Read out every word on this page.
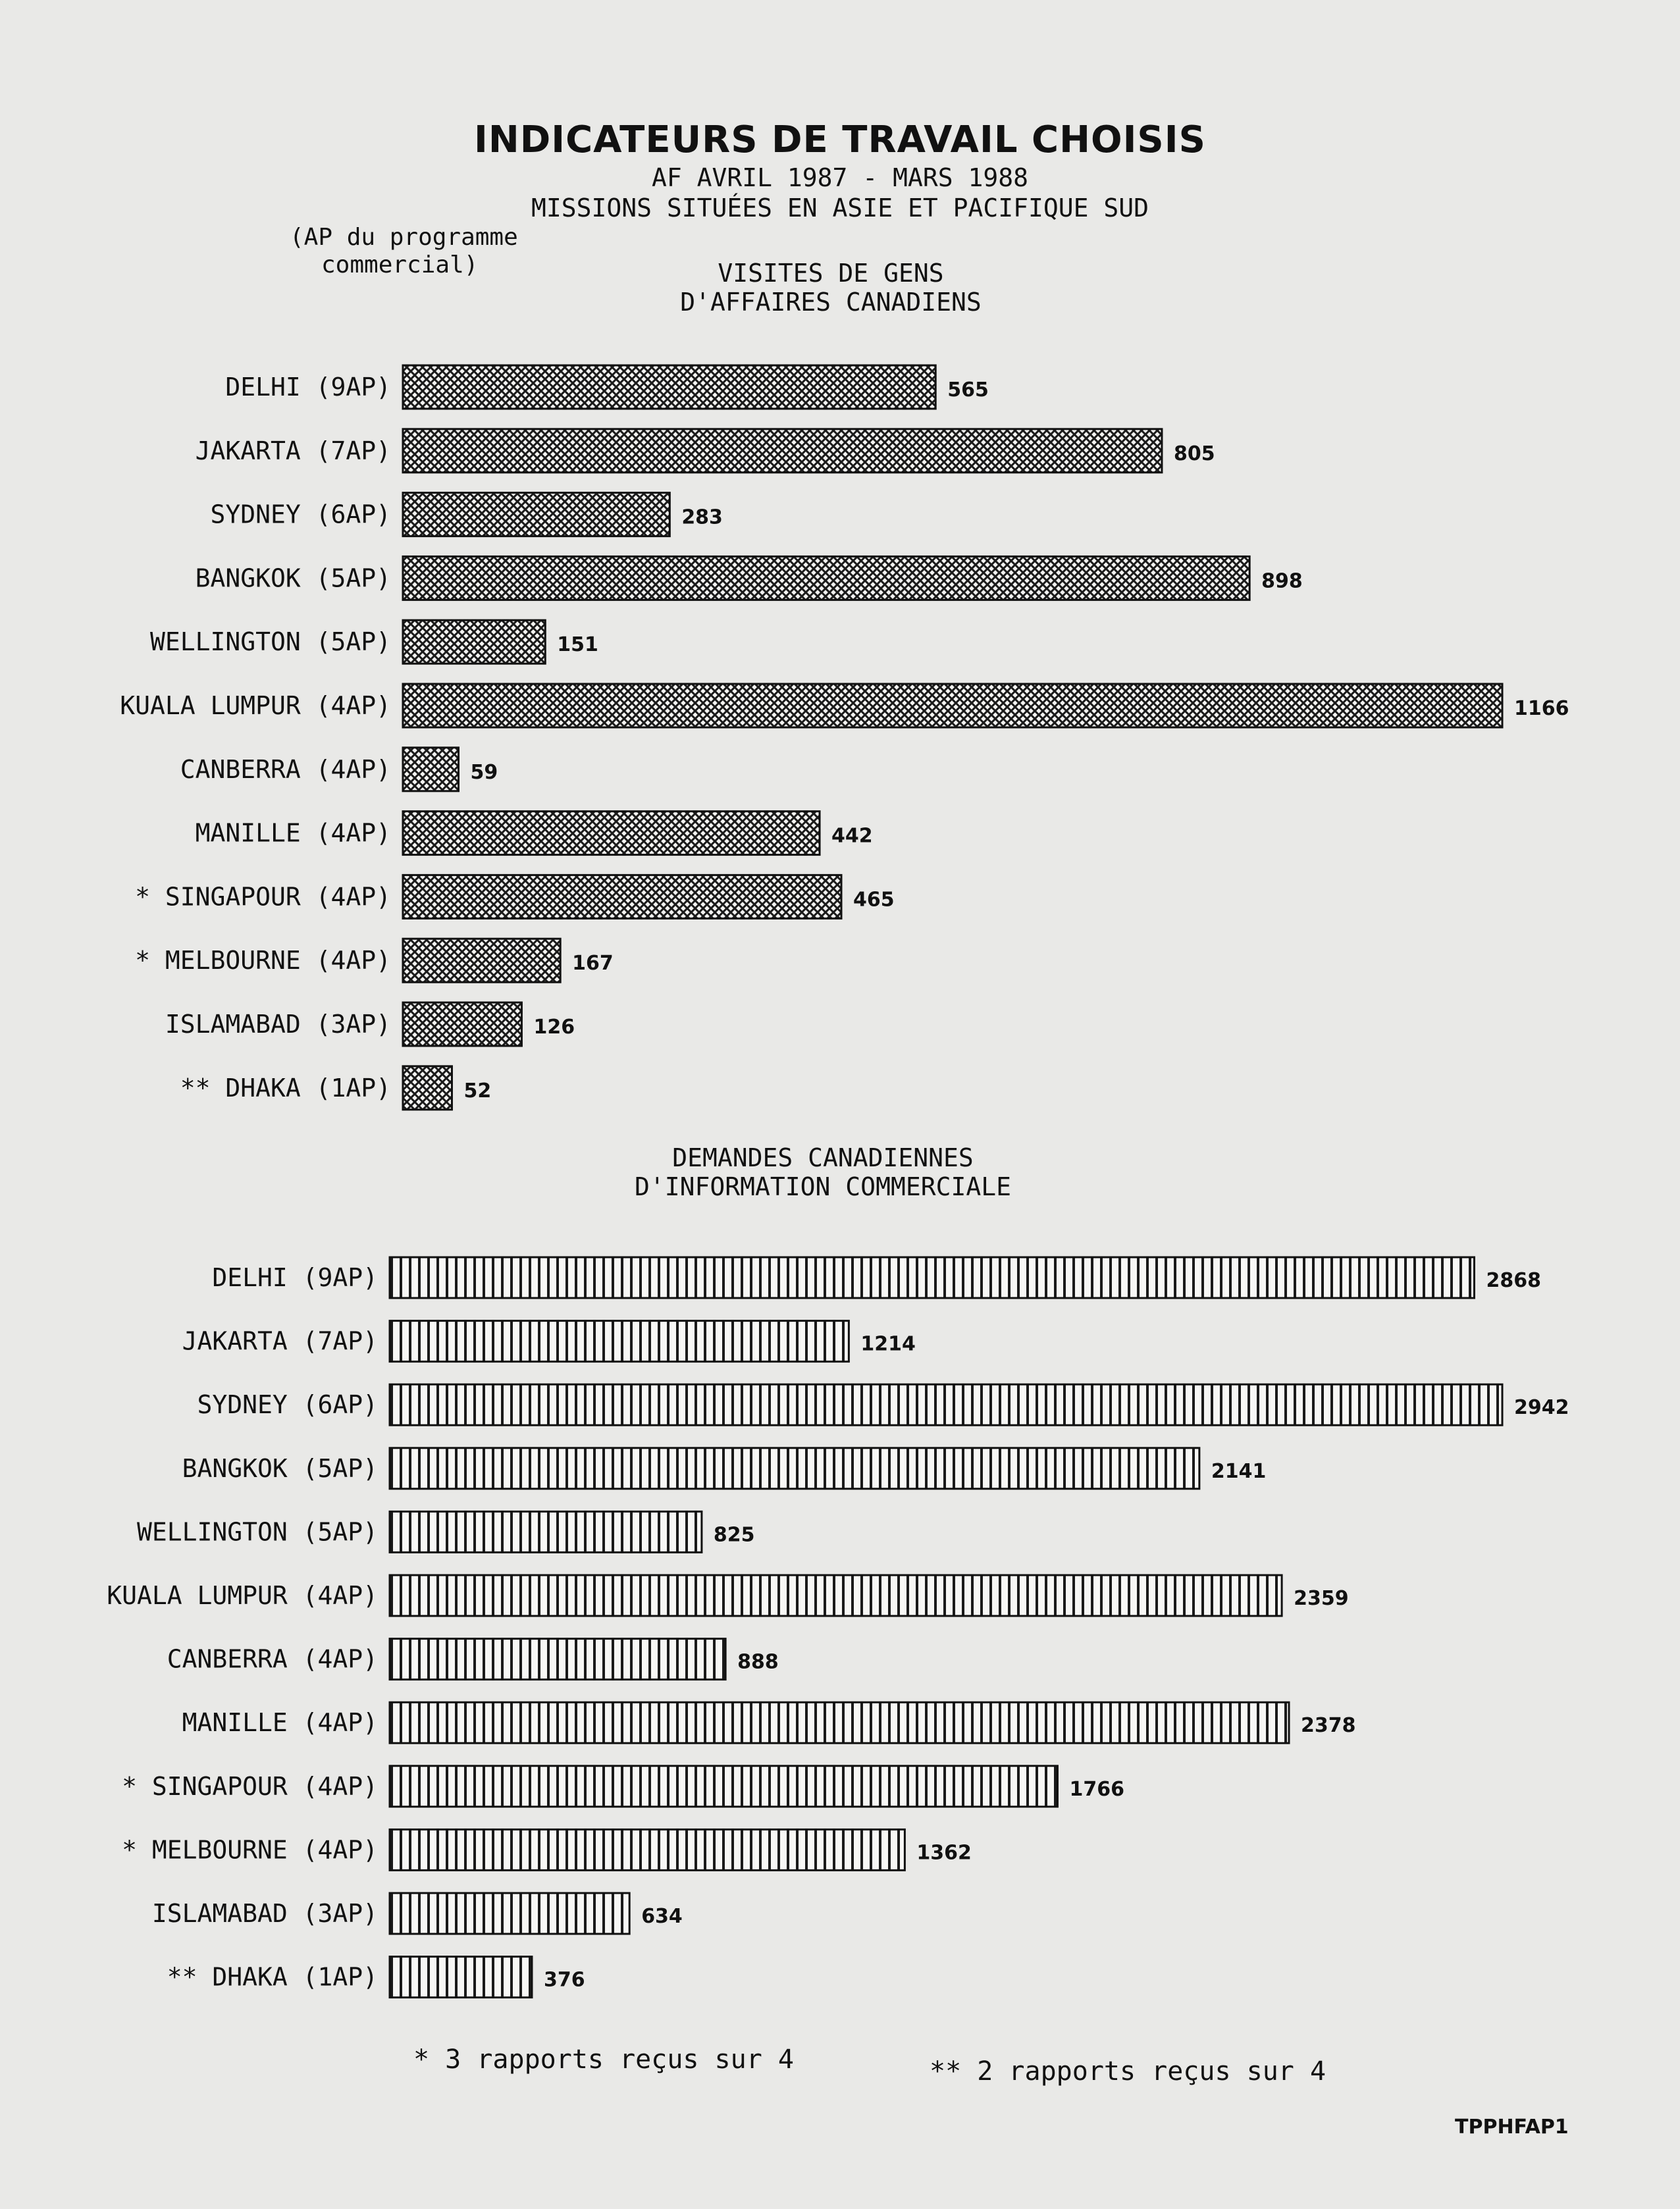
INDICATEURS DE TRAVAIL CHOISIS
AF AVRIL 1987 - MARS 1988
MISSIONS SITUÉES EN ASIE ET PACIFIQUE SUD
(AP du programme
commercial)	VISITES DE GENS
D'AFFAIRES CANADIENS
DELHI (9AP)	565
JAKARTA (7AP)	805
SYDNEY (6AP)	283
BANGKOK (5AP)	898
WELLINGTON (5AP)	151
KUALA LUMPUR (4AP)	1166
CANBERRA (4AP)	59
MANILLE (4AP)	442
* SINGAPOUR (4AP)	465
* MELBOURNE (4AP)	167
ISLAMABAD (3AP)	126
** DHAKA (1AP)	52
DEMANDES CANADIENNES
D'INFORMATION COMMERCIALE
DELHI (9AP)	2868
JAKARTA (7AP)	1214
SYDNEY (6AP)	2942
BANGKOK (5AP)	2141
WELLINGTON (5AP)	825
KUALA LUMPUR (4AP)	2359
CANBERRA (4AP)	888
MANILLE (4AP)	2378
* SINGAPOUR (4AP)	1766
* MELBOURNE (4AP)	1362
ISLAMABAD (3AP)	634
** DHAKA (1AP)	376
* 3 rapports reçus sur 4	** 2 rapports reçus sur 4
TPPHFAP1
